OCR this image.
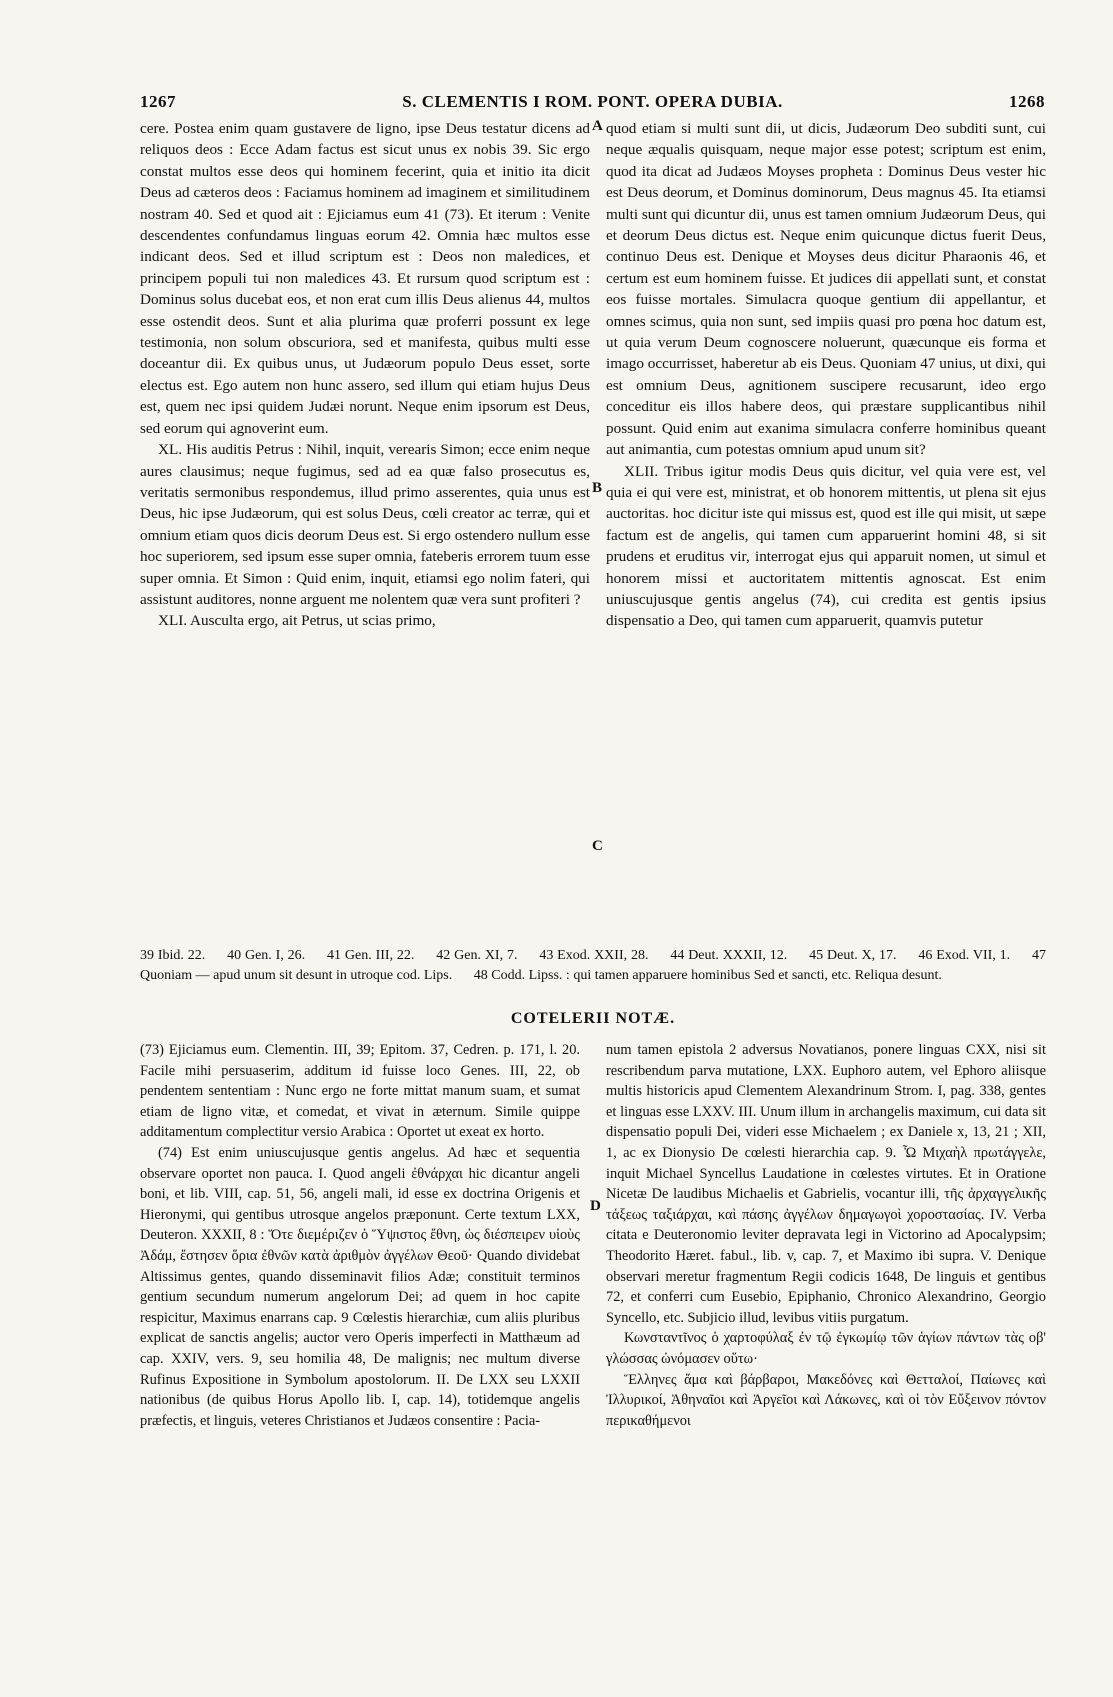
1267	S. CLEMENTIS I ROM. PONT. OPERA DUBIA.	1268

cere. Postea enim quam gustavere de ligno, ipse Deus testatur dicens ad reliquos deos : Ecce Adam factus est sicut unus ex nobis 39. Sic ergo constat multos esse deos qui hominem fecerint, quia et initio ita dicit Deus ad cæteros deos : Faciamus hominem ad imaginem et similitudinem nostram 40. Sed et quod ait : Ejiciamus eum 41 (73). Et iterum : Venite descendentes confundamus linguas eorum 42. Omnia hæc multos esse indicant deos. Sed et illud scriptum est : Deos non maledices, et principem populi tui non maledices 43. Et rursum quod scriptum est : Dominus solus ducebat eos, et non erat cum illis Deus alienus 44, multos esse ostendit deos. Sunt et alia plurima quæ proferri possunt ex lege testimonia, non solum obscuriora, sed et manifesta, quibus multi esse doceantur dii. Ex quibus unus, ut Judæorum populo Deus esset, sorte electus est. Ego autem non hunc assero, sed illum qui etiam hujus Deus est, quem nec ipsi quidem Judæi norunt. Neque enim ipsorum est Deus, sed eorum qui agnoverint eum.

XL. His auditis Petrus : Nihil, inquit, verearis Simon; ecce enim neque aures clausimus; neque fugimus, sed ad ea quæ falso prosecutus es, veritatis sermonibus respondemus, illud primo asserentes, quia unus est Deus, hic ipse Judæorum, qui est solus Deus, cœli creator ac terræ, qui et omnium etiam quos dicis deorum Deus est. Si ergo ostendero nullum esse hoc superiorem, sed ipsum esse super omnia, fateberis errorem tuum esse super omnia. Et Simon : Quid enim, inquit, etiamsi ego nolim fateri, qui assistunt auditores, nonne arguent me nolentem quæ vera sunt profiteri ?

XLI. Ausculta ergo, ait Petrus, ut scias primo,

A
B
C
D

quod etiam si multi sunt dii, ut dicis, Judæorum Deo subditi sunt, cui neque æqualis quisquam, neque major esse potest; scriptum est enim, quod ita dicat ad Judæos Moyses propheta : Dominus Deus vester hic est Deus deorum, et Dominus dominorum, Deus magnus 45. Ita etiamsi multi sunt qui dicuntur dii, unus est tamen omnium Judæorum Deus, qui et deorum Deus dictus est. Neque enim quicunque dictus fuerit Deus, continuo Deus est. Denique et Moyses deus dicitur Pharaonis 46, et certum est eum hominem fuisse. Et judices dii appellati sunt, et constat eos fuisse mortales. Simulacra quoque gentium dii appellantur, et omnes scimus, quia non sunt, sed impiis quasi pro pœna hoc datum est, ut quia verum Deum cognoscere noluerunt, quæcunque eis forma et imago occurrisset, haberetur ab eis Deus. Quoniam 47 unius, ut dixi, qui est omnium Deus, agnitionem suscipere recusarunt, ideo ergo conceditur eis illos habere deos, qui præstare supplicantibus nihil possunt. Quid enim aut exanima simulacra conferre hominibus queant aut animantia, cum potestas omnium apud unum sit?

XLII. Tribus igitur modis Deus quis dicitur, vel quia vere est, vel quia ei qui vere est, ministrat, et ob honorem mittentis, ut plena sit ejus auctoritas. hoc dicitur iste qui missus est, quod est ille qui misit, ut sæpe factum est de angelis, qui tamen cum apparuerint homini 48, si sit prudens et eruditus vir, interrogat ejus qui apparuit nomen, ut simul et honorem missi et auctoritatem mittentis agnoscat. Est enim uniuscujusque gentis angelus (74), cui credita est gentis ipsius dispensatio a Deo, qui tamen cum apparuerit, quamvis putetur

39 Ibid. 22. 40 Gen. I, 26. 41 Gen. III, 22. 42 Gen. XI, 7. 43 Exod. XXII, 28. 44 Deut. XXXII, 12. 45 Deut. X, 17. 46 Exod. VII, 1. 47 Quoniam — apud unum sit desunt in utroque cod. Lips. 48 Codd. Lipss. : qui tamen apparuere hominibus Sed et sancti, etc. Reliqua desunt.
COTELERII NOTÆ.

(73) Ejiciamus eum. Clementin. III, 39; Epitom. 37, Cedren. p. 171, l. 20. Facile mihi persuaserim, additum id fuisse loco Genes. III, 22, ob pendentem sententiam : Nunc ergo ne forte mittat manum suam, et sumat etiam de ligno vitæ, et comedat, et vivat in æternum. Simile quippe additamentum complectitur versio Arabica : Oportet ut exeat ex horto.

(74) Est enim uniuscujusque gentis angelus. Ad hæc et sequentia observare oportet non pauca. I. Quod angeli ἐθνάρχαι hic dicantur angeli boni, et lib. VIII, cap. 51, 56, angeli mali, id esse ex doctrina Origenis et Hieronymi, qui gentibus utrosque angelos præponunt. Certe textum LXX, Deuteron. XXXII, 8 : Ὅτε διεμέριζεν ὁ Ὕψιστος ἔθνη, ὡς διέσπειρεν υἱοὺς Ἀδάμ, ἔστησεν ὅρια ἐθνῶν κατὰ ἀριθμὸν ἀγγέλων Θεοῦ· Quando dividebat Altissimus gentes, quando disseminavit filios Adæ; constituit terminos gentium secundum numerum angelorum Dei; ad quem in hoc capite respicitur, Maximus enarrans cap. 9 Cœlestis hierarchiæ, cum aliis pluribus explicat de sanctis angelis; auctor vero Operis imperfecti in Matthæum ad cap. XXIV, vers. 9, seu homilia 48, De malignis; nec multum diverse Rufinus Expositione in Symbolum apostolorum. II. De LXX seu LXXII nationibus (de quibus Horus Apollo lib. I, cap. 14), totidemque angelis præfectis, et linguis, veteres Christianos et Judæos consentire : Pacia-

num tamen epistola 2 adversus Novatianos, ponere linguas CXX, nisi sit rescribendum parva mutatione, LXX. Euphoro autem, vel Ephoro aliisque multis historicis apud Clementem Alexandrinum Strom. I, pag. 338, gentes et linguas esse LXXV. III. Unum illum in archangelis maximum, cui data sit dispensatio populi Dei, videri esse Michaelem ; ex Daniele x, 13, 21 ; XII, 1, ac ex Dionysio De cœlesti hierarchia cap. 9. Ὦ Μιχαὴλ πρωτάγγελε, inquit Michael Syncellus Laudatione in cœlestes virtutes. Et in Oratione Nicetæ De laudibus Michaelis et Gabrielis, vocantur illi, τῆς ἀρχαγγελικῆς τάξεως ταξιάρχαι, καὶ πάσης ἀγγέλων δημαγωγοὶ χοροστασίας. IV. Verba citata e Deuteronomio leviter depravata legi in Victorino ad Apocalypsim; Theodorito Hæret. fabul., lib. v, cap. 7, et Maximo ibi supra. V. Denique observari meretur fragmentum Regii codicis 1648, De linguis et gentibus 72, et conferri cum Eusebio, Epiphanio, Chronico Alexandrino, Georgio Syncello, etc. Subjicio illud, levibus vitiis purgatum.

Κωνσταντῖνος ὁ χαρτοφύλαξ ἐν τῷ ἐγκωμίῳ τῶν ἁγίων πάντων τὰς οβ' γλώσσας ὠνόμασεν οὕτω·

Ἕλληνες ἅμα καὶ βάρβαροι, Μακεδόνες καὶ Θετταλοί, Παίωνες καὶ Ἰλλυρικοί, Ἀθηναῖοι καὶ Ἀργεῖοι καὶ Λάκωνες, καὶ οἱ τὸν Εὔξεινον πόντον περικαθήμενοι
